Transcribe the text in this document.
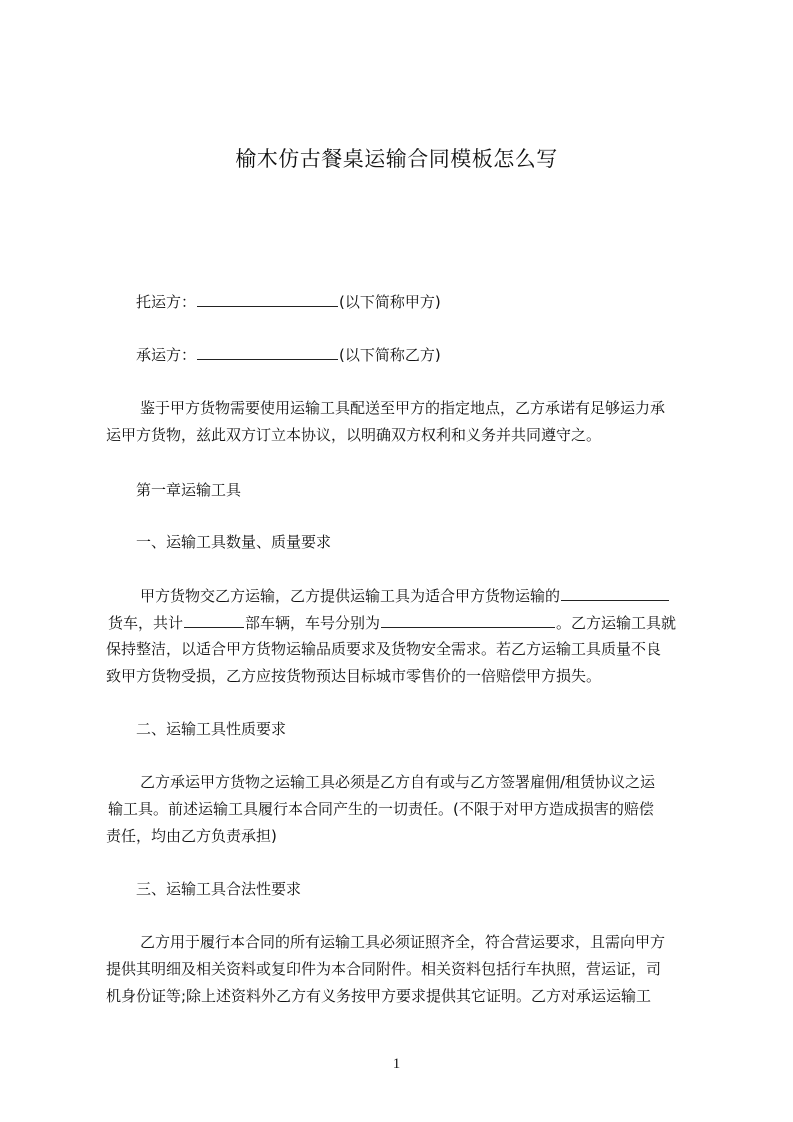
榆木仿古餐桌运输合同模板怎么写
托运方：	(以下简称甲方)
承运方：	(以下简称乙方)
鉴于甲方货物需要使用运输工具配送至甲方的指定地点，乙方承诺有足够运力承
运甲方货物，兹此双方订立本协议，以明确双方权利和义务并共同遵守之。
第一章运输工具
一、运输工具数量、质量要求
甲方货物交乙方运输，乙方提供运输工具为适合甲方货物运输的
货车，共计	部车辆，车号分别为	。乙方运输工具就
保持整洁，以适合甲方货物运输品质要求及货物安全需求。若乙方运输工具质量不良
致甲方货物受损，乙方应按货物预达目标城市零售价的一倍赔偿甲方损失。
二、运输工具性质要求
乙方承运甲方货物之运输工具必须是乙方自有或与乙方签署雇佣/租赁协议之运
输工具。前述运输工具履行本合同产生的一切责任。(不限于对甲方造成损害的赔偿
责任，均由乙方负责承担)
三、运输工具合法性要求
乙方用于履行本合同的所有运输工具必须证照齐全，符合营运要求，且需向甲方
提供其明细及相关资料或复印件为本合同附件。相关资料包括行车执照，营运证，司
机身份证等;除上述资料外乙方有义务按甲方要求提供其它证明。乙方对承运运输工
1
